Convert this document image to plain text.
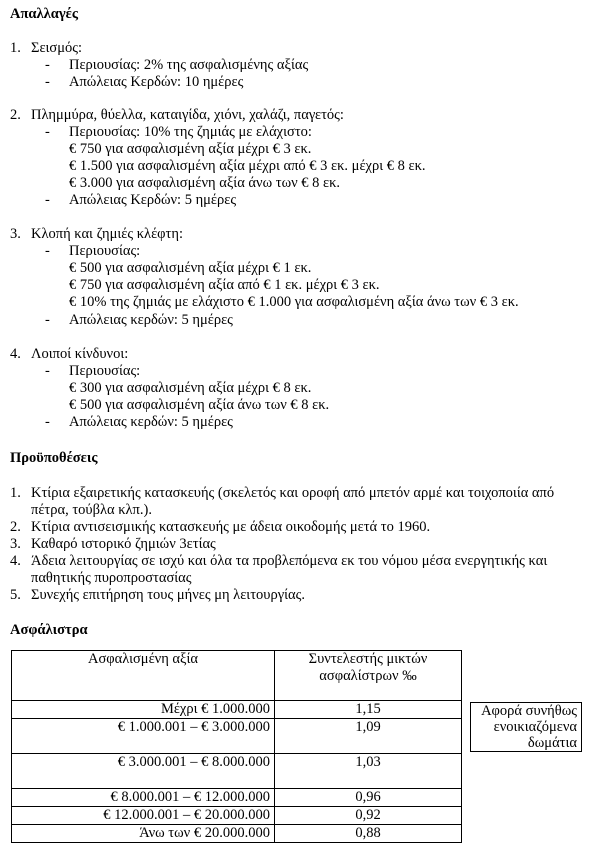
Απαλλαγές
1. Σεισμός:
- Περιουσίας: 2% της ασφαλισμένης αξίας
- Απώλειας Κερδών: 10 ημέρες
2. Πλημμύρα, θύελλα, καταιγίδα, χιόνι, χαλάζι, παγετός:
- Περιουσίας: 10% της ζημιάς με ελάχιστο:
€ 750 για ασφαλισμένη αξία μέχρι € 3 εκ.
€ 1.500 για ασφαλισμένη αξία μέχρι από € 3 εκ. μέχρι € 8 εκ.
€ 3.000 για ασφαλισμένη αξία άνω των € 8 εκ.
- Απώλειας Κερδών: 5 ημέρες
3. Κλοπή και ζημιές κλέφτη:
- Περιουσίας:
€ 500 για ασφαλισμένη αξία μέχρι € 1 εκ.
€ 750 για ασφαλισμένη αξία από € 1 εκ. μέχρι € 3 εκ.
€ 10% της ζημιάς με ελάχιστο € 1.000 για ασφαλισμένη αξία άνω των € 3 εκ.
- Απώλειας κερδών: 5 ημέρες
4. Λοιποί κίνδυνοι:
- Περιουσίας:
€ 300 για ασφαλισμένη αξία μέχρι € 8 εκ.
€ 500 για ασφαλισμένη αξία άνω των € 8 εκ.
- Απώλειας κερδών: 5 ημέρες
Προϋποθέσεις
1. Κτίρια εξαιρετικής κατασκευής (σκελετός και οροφή από μπετόν αρμέ και τοιχοποιία από
πέτρα, τούβλα κλπ.).
2. Κτίρια αντισεισμικής κατασκευής με άδεια οικοδομής μετά το 1960.
3. Καθαρό ιστορικό ζημιών 3ετίας
4. Άδεια λειτουργίας σε ισχύ και όλα τα προβλεπόμενα εκ του νόμου μέσα ενεργητικής και
παθητικής πυροπροστασίας
5. Συνεχής επιτήρηση τους μήνες μη λειτουργίας.
Ασφάλιστρα
Ασφαλισμένη αξία	Συντελεστής μικτών
ασφαλίστρων ‰

Μέχρι € 1.000.000	1,15
€ 1.000.001 – € 3.000.000	1,09
€ 3.000.001 – € 8.000.000	1,03
€ 8.000.001 – € 12.000.000	0,96
€ 12.000.001 – € 20.000.000	0,92
Άνω των € 20.000.000	0,88
Αφορά συνήθως
ενοικιαζόμενα
δωμάτια
